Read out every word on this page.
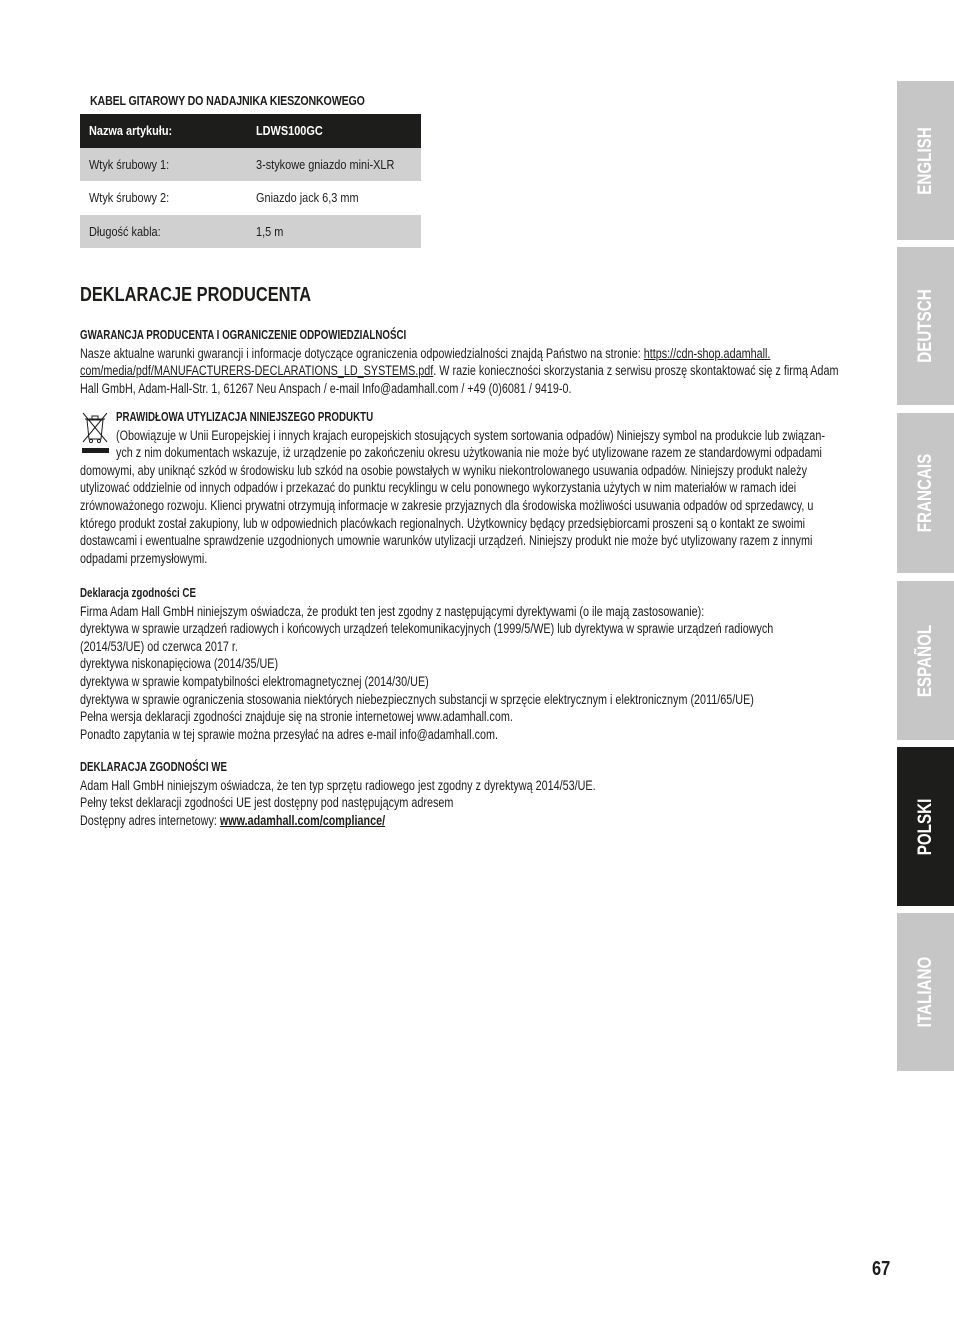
KABEL GITAROWY DO NADAJNIKA KIESZONKOWEGO
Nazwa artykułu:	LDWS100GC
Wtyk śrubowy 1:	3-stykowe gniazdo mini-XLR
Wtyk śrubowy 2:	Gniazdo jack 6,3 mm
Długość kabla:	1,5 m
DEKLARACJE PRODUCENTA
GWARANCJA PRODUCENTA I OGRANICZENIE ODPOWIEDZIALNOŚCI
Nasze aktualne warunki gwarancji i informacje dotyczące ograniczenia odpowiedzialności znajdą Państwo na stronie: https://cdn-shop.adamhall.
com/media/pdf/MANUFACTURERS-DECLARATIONS_LD_SYSTEMS.pdf. W razie konieczności skorzystania z serwisu proszę skontaktować się z firmą Adam
Hall GmbH, Adam-Hall-Str. 1, 61267 Neu Anspach / e-mail Info@adamhall.com / +49 (0)6081 / 9419-0.
PRAWIDŁOWA UTYLIZACJA NINIEJSZEGO PRODUKTU
(Obowiązuje w Unii Europejskiej i innych krajach europejskich stosujących system sortowania odpadów) Niniejszy symbol na produkcie lub związan-
ych z nim dokumentach wskazuje, iż urządzenie po zakończeniu okresu użytkowania nie może być utylizowane razem ze standardowymi odpadami
domowymi, aby uniknąć szkód w środowisku lub szkód na osobie powstałych w wyniku niekontrolowanego usuwania odpadów. Niniejszy produkt należy
utylizować oddzielnie od innych odpadów i przekazać do punktu recyklingu w celu ponownego wykorzystania użytych w nim materiałów w ramach idei
zrównoważonego rozwoju. Klienci prywatni otrzymują informacje w zakresie przyjaznych dla środowiska możliwości usuwania odpadów od sprzedawcy, u
którego produkt został zakupiony, lub w odpowiednich placówkach regionalnych. Użytkownicy będący przedsiębiorcami proszeni są o kontakt ze swoimi
dostawcami i ewentualne sprawdzenie uzgodnionych umownie warunków utylizacji urządzeń. Niniejszy produkt nie może być utylizowany razem z innymi
odpadami przemysłowymi.
Deklaracja zgodności CE
Firma Adam Hall GmbH niniejszym oświadcza, że produkt ten jest zgodny z następującymi dyrektywami (o ile mają zastosowanie):
dyrektywa w sprawie urządzeń radiowych i końcowych urządzeń telekomunikacyjnych (1999/5/WE) lub dyrektywa w sprawie urządzeń radiowych
(2014/53/UE) od czerwca 2017 r.
dyrektywa niskonapięciowa (2014/35/UE)
dyrektywa w sprawie kompatybilności elektromagnetycznej (2014/30/UE)
dyrektywa w sprawie ograniczenia stosowania niektórych niebezpiecznych substancji w sprzęcie elektrycznym i elektronicznym (2011/65/UE)
Pełna wersja deklaracji zgodności znajduje się na stronie internetowej www.adamhall.com.
Ponadto zapytania w tej sprawie można przesyłać na adres e-mail info@adamhall.com.
DEKLARACJA ZGODNOŚCI WE
Adam Hall GmbH niniejszym oświadcza, że ten typ sprzętu radiowego jest zgodny z dyrektywą 2014/53/UE.
Pełny tekst deklaracji zgodności UE jest dostępny pod następującym adresem
Dostępny adres internetowy: www.adamhall.com/compliance/
ENGLISH
DEUTSCH
FRANCAIS
ESPAÑOL
POLSKI
ITALIANO
67
